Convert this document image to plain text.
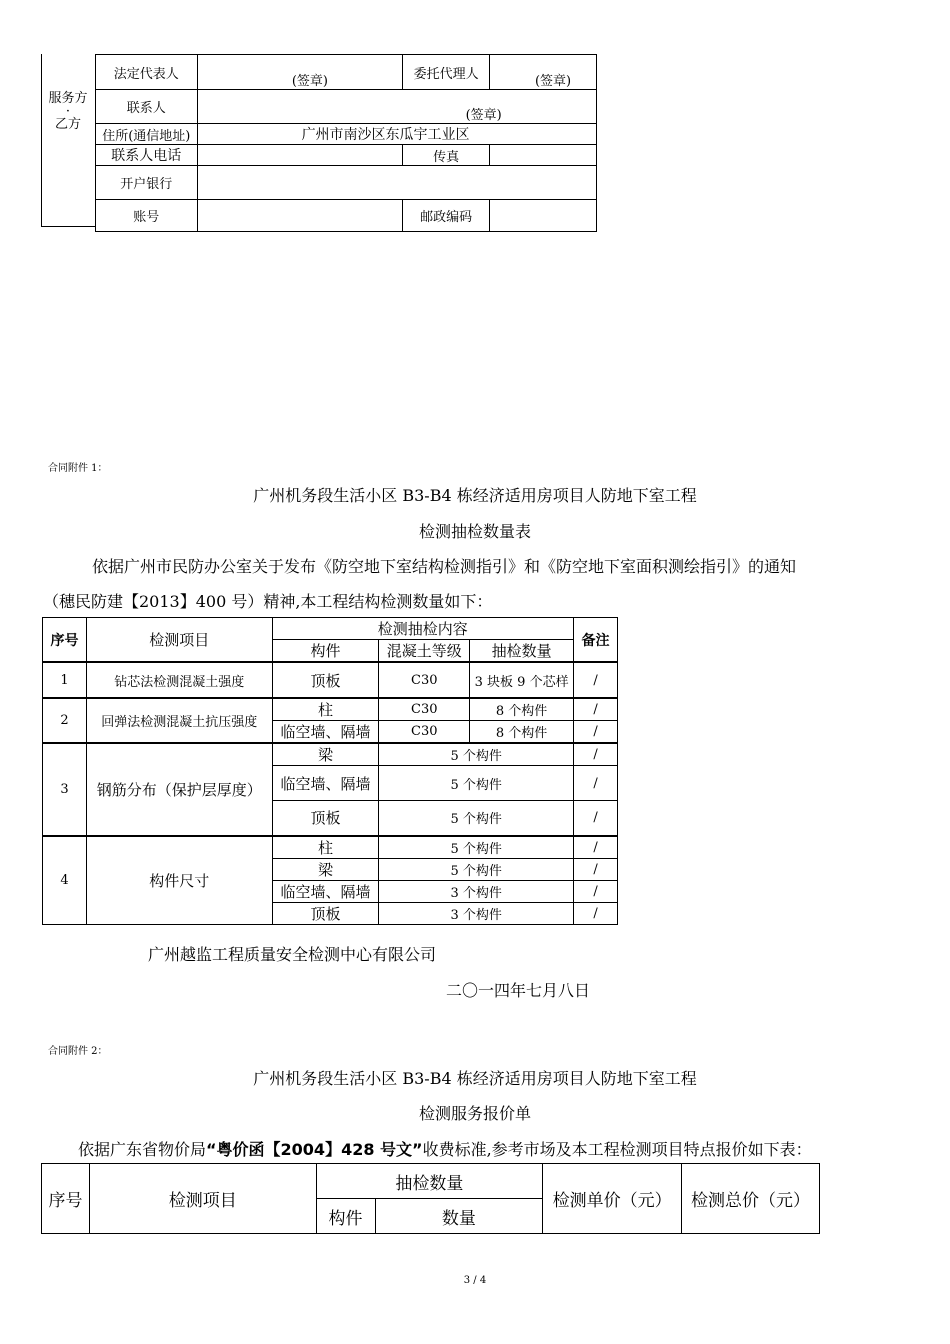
服务方
·
乙方
法定代表人	(签章)	委托代理人	(签章)
联系人	(签章)		
住所(通信地址)	广州市南沙区东瓜宇工业区		
联系人电话		传真	
开户银行			
账号		邮政编码	
合同附件 1：
广州机务段生活小区 B3-B4 栋经济适用房项目人防地下室工程
检测抽检数量表
依据广州市民防办公室关于发布《防空地下室结构检测指引》和《防空地下室面积测绘指引》的通知
（穗民防建【2013】400 号）精神,本工程结构检测数量如下：
序号	检测项目	检测抽检内容			备注
		构件	混凝土等级	抽检数量	
1	钻芯法检测混凝土强度	顶板	C30	3 块板 9 个芯样	/
2	回弹法检测混凝土抗压强度	柱	C30	8 个构件	/
		临空墙、隔墙	C30	8 个构件	/
3	钢筋分布（保护层厚度）	梁	5 个构件		/
		临空墙、隔墙	5 个构件		/
		顶板	5 个构件		/
4	构件尺寸	柱	5 个构件		/
		梁	5 个构件		/
		临空墙、隔墙	3 个构件		/
		顶板	3 个构件		/
广州越监工程质量安全检测中心有限公司
二〇一四年七月八日
合同附件 2：
广州机务段生活小区 B3-B4 栋经济适用房项目人防地下室工程
检测服务报价单
依据广东省物价局“粤价函【2004】428 号文”收费标准,参考市场及本工程检测项目特点报价如下表：
序号	检测项目	抽检数量		检测单价（元）	检测总价（元）
		构件	数量		
3 / 4
